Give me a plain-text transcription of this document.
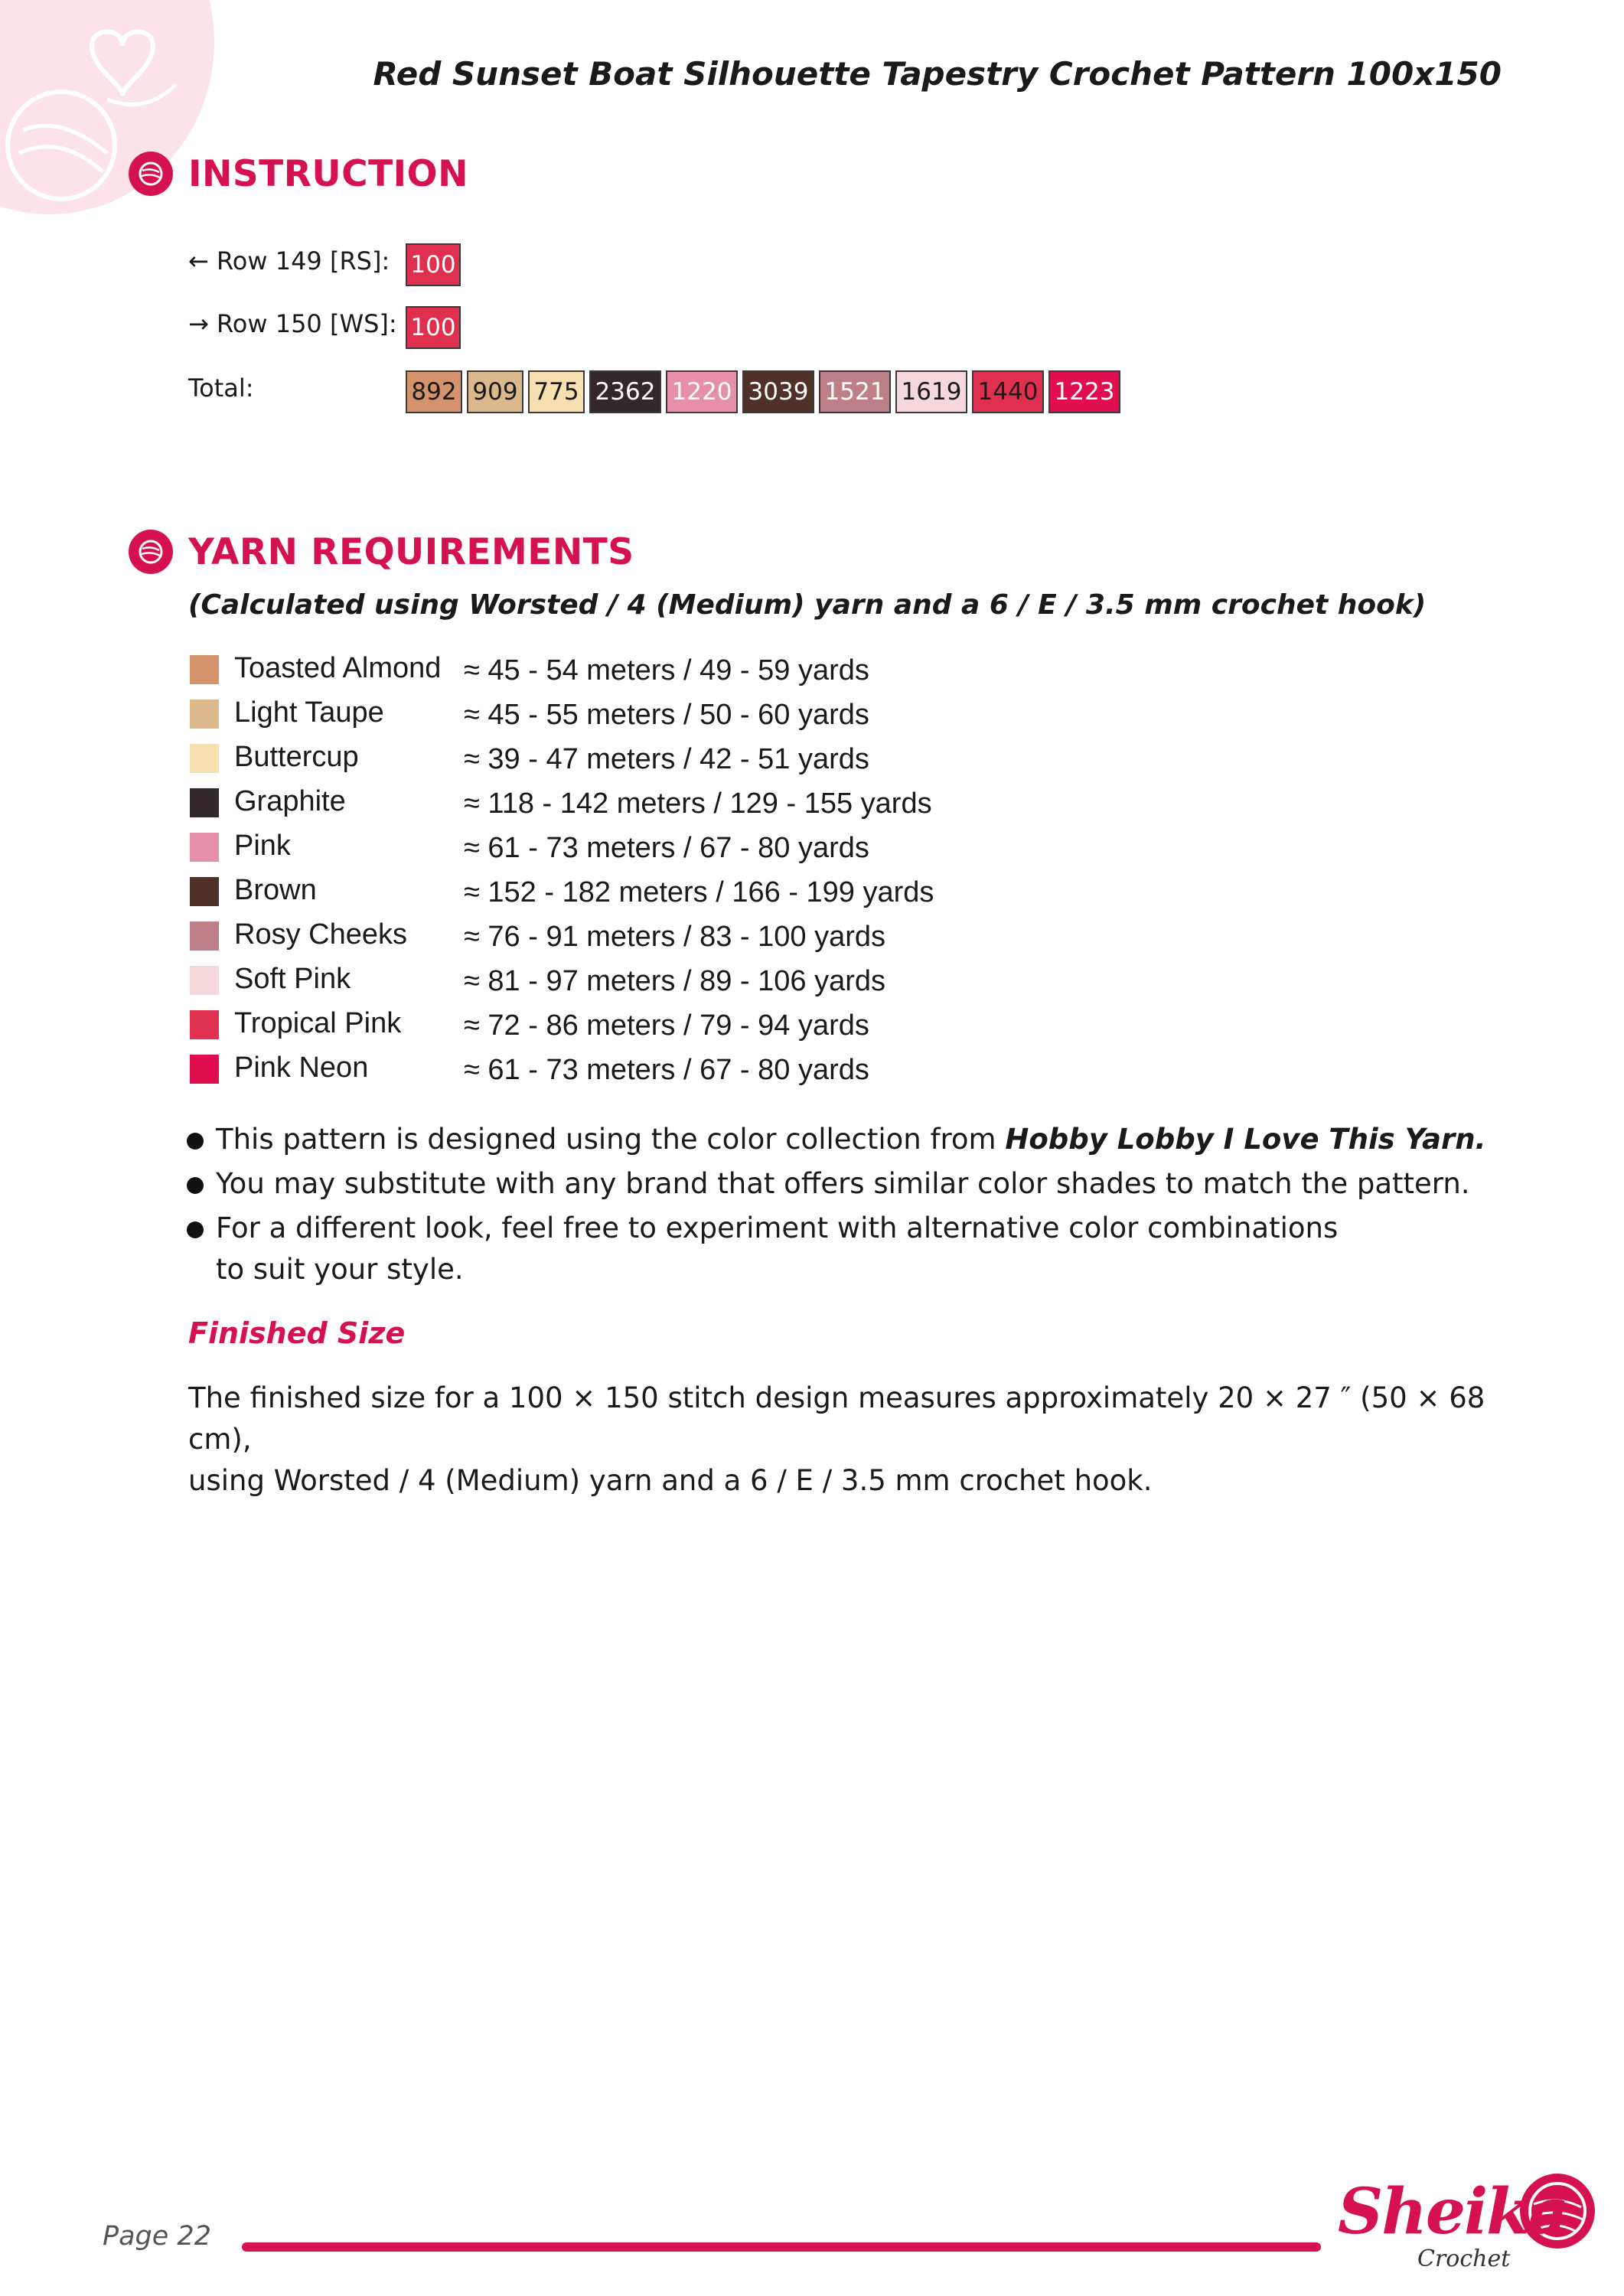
Red Sunset Boat Silhouette Tapestry Crochet Pattern 100x150
INSTRUCTION
← Row 149 [RS]: 100
→ Row 150 [WS]: 100
Total:	892 909 775 2362 1220 3039 1521 1619 1440 1223
YARN REQUIREMENTS
(Calculated using Worsted / 4 (Medium) yarn and a 6 / E / 3.5 mm crochet hook)
Toasted Almond ≈ 45 - 54 meters / 49 - 59 yards
Light Taupe	≈ 45 - 55 meters / 50 - 60 yards
Buttercup	≈ 39 - 47 meters / 42 - 51 yards
Graphite	≈ 118 - 142 meters / 129 - 155 yards
Pink	≈ 61 - 73 meters / 67 - 80 yards
Brown	≈ 152 - 182 meters / 166 - 199 yards
Rosy Cheeks ≈ 76 - 91 meters / 83 - 100 yards
Soft Pink	≈ 81 - 97 meters / 89 - 106 yards
Tropical Pink ≈ 72 - 86 meters / 79 - 94 yards
Pink Neon	≈ 61 - 73 meters / 67 - 80 yards
This pattern is designed using the color collection from Hobby Lobby I Love This Yarn.
You may substitute with any brand that offers similar color shades to match the pattern.
For a different look, feel free to experiment with alternative color combinations
to suit your style.
Finished Size
The finished size for a 100 × 150 stitch design measures approximately 20 × 27 ″ (50 × 68 cm),
using Worsted / 4 (Medium) yarn and a 6 / E / 3.5 mm crochet hook.
Page 22	Sheika
Crochet
